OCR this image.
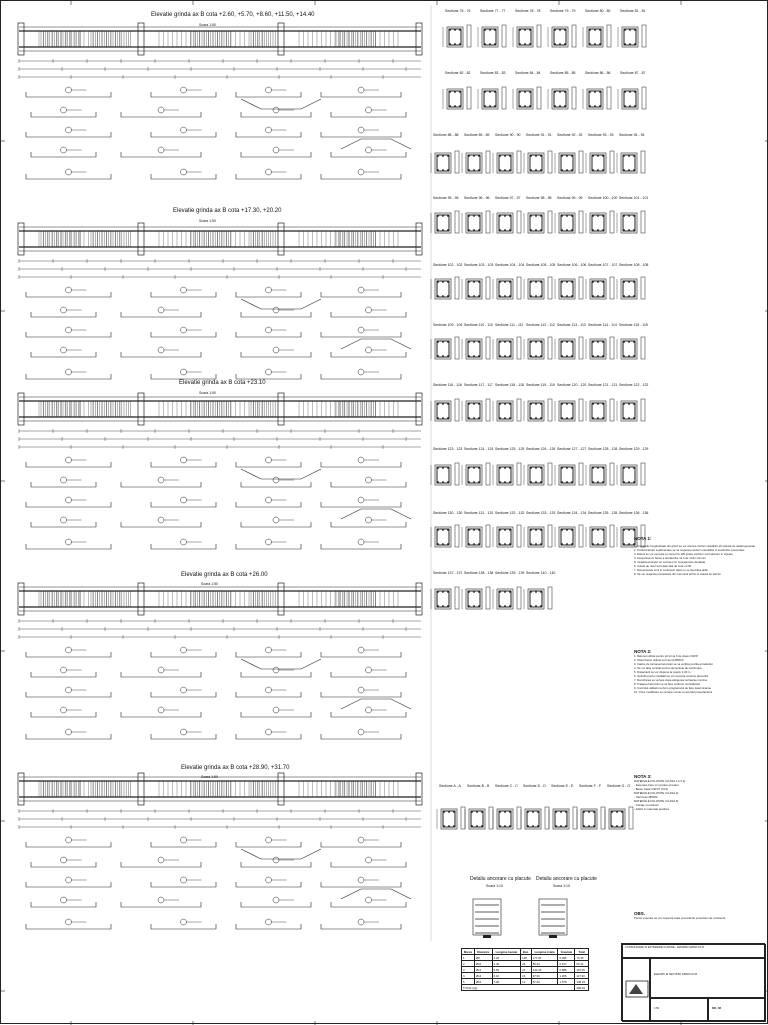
Elevatie grinda ax B cota +2.60, +5.70, +8.60, +11.50, +14.40
Scara 1:50
Elevatie grinda ax B cota +17.30, +20.20
Scara 1:50
Elevatie grinda ax B cota +23.10
Scara 1:50
Elevatie grinda ax B cota +26.00
Scara 1:50
Elevatie grinda ax B cota +28.90, +31.70
Scara 1:50
Sectiune 76 - 76	Sectiune 77 - 77	Sectiune 78 - 78	Sectiune 79 - 79	Sectiune 80 - 80	Sectiune 81 - 81
Sectiune 82 - 82	Sectiune 83 - 83	Sectiune 84 - 84	Sectiune 85 - 85	Sectiune 86 - 86	Sectiune 87 - 87
Sectiune 88 - 88 Sectiune 89 - 89 Sectiune 90 - 90 Sectiune 91 - 91 Sectiune 92 - 92 Sectiune 93 - 93 Sectiune 94 - 94
Sectiune 95 - 95 Sectiune 96 - 96 Sectiune 97 - 97 Sectiune 98 - 98 Sectiune 99 - 99 Sectiune 100 - 100 Sectiune 101 - 101
Sectiune 102 - 102 Sectiune 103 - 103 Sectiune 104 - 104 Sectiune 105 - 105 Sectiune 106 - 106 Sectiune 107 - 107 Sectiune 108 - 108
Sectiune 109 - 109 Sectiune 110 - 110 Sectiune 111 - 111 Sectiune 112 - 112 Sectiune 113 - 113 Sectiune 114 - 114 Sectiune 115 - 115
Sectiune 116 - 116 Sectiune 117 - 117 Sectiune 118 - 118 Sectiune 119 - 119 Sectiune 120 - 120 Sectiune 121 - 121 Sectiune 122 - 122
Sectiune 123 - 123 Sectiune 124 - 124 Sectiune 125 - 125 Sectiune 126 - 126 Sectiune 127 - 127 Sectiune 128 - 128 Sectiune 129 - 129
Sectiune 130 - 130 Sectiune 131 - 131 Sectiune 132 - 132 Sectiune 133 - 133 Sectiune 134 - 134 Sectiune 135 - 135 Sectiune 136 - 136
Sectiune 137 - 137 Sectiune 138 - 138 Sectiune 139 - 139 Sectiune 140 - 140
Sectiune A - A Sectiune B - B Sectiune C - C Sectiune D - D Sectiune E - E Sectiune F - F Sectiune G - G
NOTA 1:
1. Armaturile longitudinale din grinzi se vor ancora conform detaliilor din plansa de detalii generale
2. Pozitia barelor suplimentare se va respecta conform elevatiilor si sectiunilor prezentate
3. Etrierii se vor executa cu ciocuri la 135 grade conform normativelor in vigoare
4. Acoperirea cu beton a armaturilor va fi de minim 30 mm
5. Innadirea barelor se va face prin suprapunere decalata
6. Cotele de nivel sunt date fata de cota +0.00
7. Dimensiunile sunt in centimetri daca nu se specifica altfel
8. Se vor respecta prevederile din memoriul tehnic si caietul de sarcini
NOTA 2:
1. Betonul utilizat pentru grinzi va fi de clasa C30/37
2. Otelul beton utilizat va fi de tip B500C
3. Inainte de turnarea betonului se va verifica pozitia armaturilor
4. Se vor lasa mustati pentru elementele de continuare
5. Distantierii se vor dispune la maxim 1.00 m
6. Golurile pentru instalatii se vor executa conform planurilor
7. Decofrarea se va face dupa atingerea rezistentei minime
8. Tratarea betonului se va face conform normativului
9. Controlul calitatii conform programului de faze determinante
10. Orice modificare se va face numai cu acordul proiectantului
NOTA 3:
MATERIALE FOLOSITE (CLASA 1.1/1.2):
- Fasonare bare si montare armaturi
- Beton clasa C30/37 (XC1)
MATERIALE FOLOSITE (CLASA 2):
- Otel beton B500C
MATERIALE FOLOSITE (CLASA 3):
- Cofraje si sustineri
- Aditivi si materiale auxiliare
OBS.
Pentru executie se vor respecta toate prevederile proiectului de rezistenta
Detaliu ancorare cu placute
Scara 1:10
Detaliu ancorare cu placute
Scara 1:10
Marca	Diametru	Lungime bucata	Buc.	Lungime totala	Greutate	Total
1	Ø8	1.20	148	177.60	0.395	70.15
2	Ø10	2.40	36	86.40	0.617	53.31
3	Ø12	5.60	24	134.40	0.888	119.35
4	Ø14	6.10	16	97.60	1.208	117.90
5	Ø16	7.30	12	87.60	1.578	138.23
TOTAL (kg)						498.94
CONSOLIDARE SI EXTINDERE CLADIRE - ARMARE GRINZI AX B
ELEVATII SI SECTIUNI GRINZI AX B
1:50	R11_08
